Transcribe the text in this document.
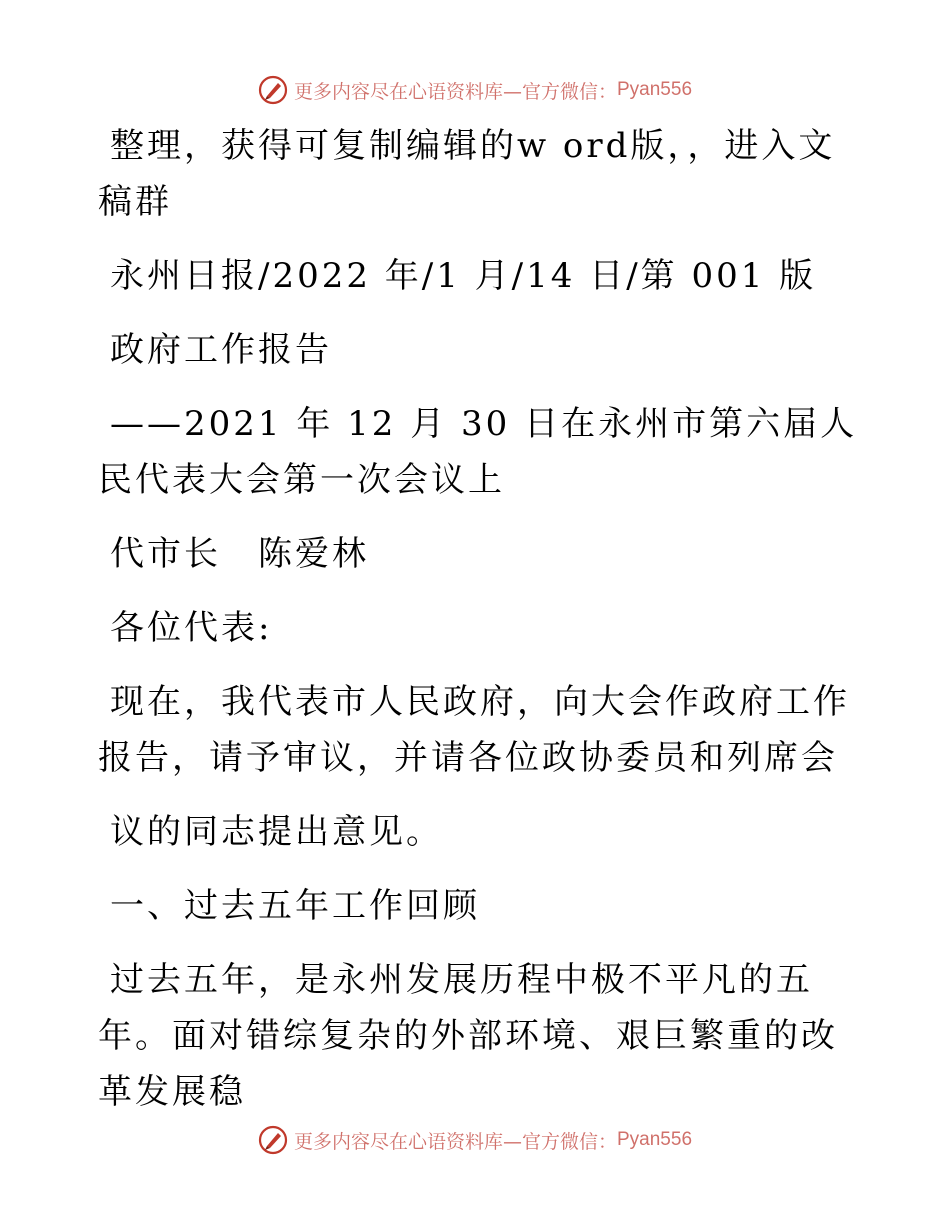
更多内容尽在心语资料库—官方微信： Pyan556

整理，获得可复制编辑的w ord版，，进入文稿群

永州日报/2022 年/1 月/14 日/第 001 版

政府工作报告

——2021 年 12 月 30 日在永州市第六届人民代表大会第一次会议上

代市长　陈爱林

各位代表:

现在，我代表市人民政府，向大会作政府工作报告，请予审议，并请各位政协委员和列席会

议的同志提出意见。

一、过去五年工作回顾

过去五年，是永州发展历程中极不平凡的五年。面对错综复杂的外部环境、艰巨繁重的改革发展稳

更多内容尽在心语资料库—官方微信： Pyan556
